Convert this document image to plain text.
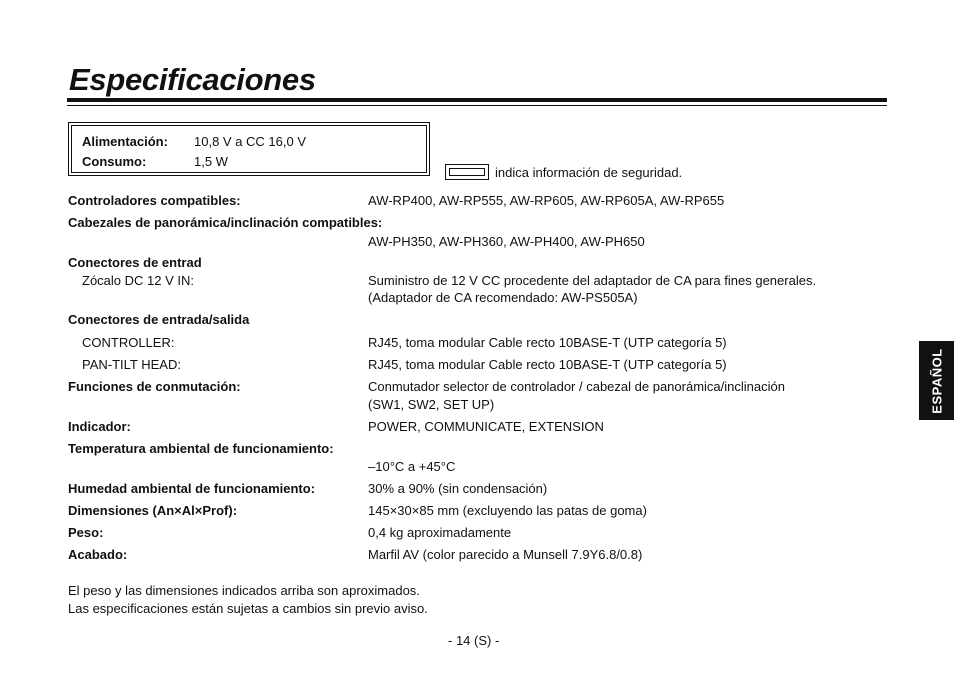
Especificaciones
Alimentación: 10,8 V a CC 16,0 V
Consumo:	1,5 W
indica información de seguridad.
Controladores compatibles:	AW-RP400, AW-RP555, AW-RP605, AW-RP605A, AW-RP655
Cabezales de panorámica/inclinación compatibles:
AW-PH350, AW-PH360, AW-PH400, AW-PH650
Conectores de entrad
Zócalo DC 12 V IN:	Suministro de 12 V CC procedente del adaptador de CA para fines generales.
(Adaptador de CA recomendado: AW-PS505A)
Conectores de entrada/salida
CONTROLLER:	RJ45, toma modular Cable recto 10BASE-T (UTP categoría 5)
PAN-TILT HEAD:	RJ45, toma modular Cable recto 10BASE-T (UTP categoría 5)
Funciones de conmutación:	Conmutador selector de controlador / cabezal de panorámica/inclinación
(SW1, SW2, SET UP)
Indicador:	POWER, COMMUNICATE, EXTENSION
Temperatura ambiental de funcionamiento:
–10°C a +45°C
Humedad ambiental de funcionamiento:	30% a 90% (sin condensación)
Dimensiones (An×Al×Prof):	145×30×85 mm (excluyendo las patas de goma)
Peso:	0,4 kg aproximadamente
Acabado:	Marfil AV (color parecido a Munsell 7.9Y6.8/0.8)
El peso y las dimensiones indicados arriba son aproximados.
Las especificaciones están sujetas a cambios sin previo aviso.
ESPAÑOL
- 14 (S) -
